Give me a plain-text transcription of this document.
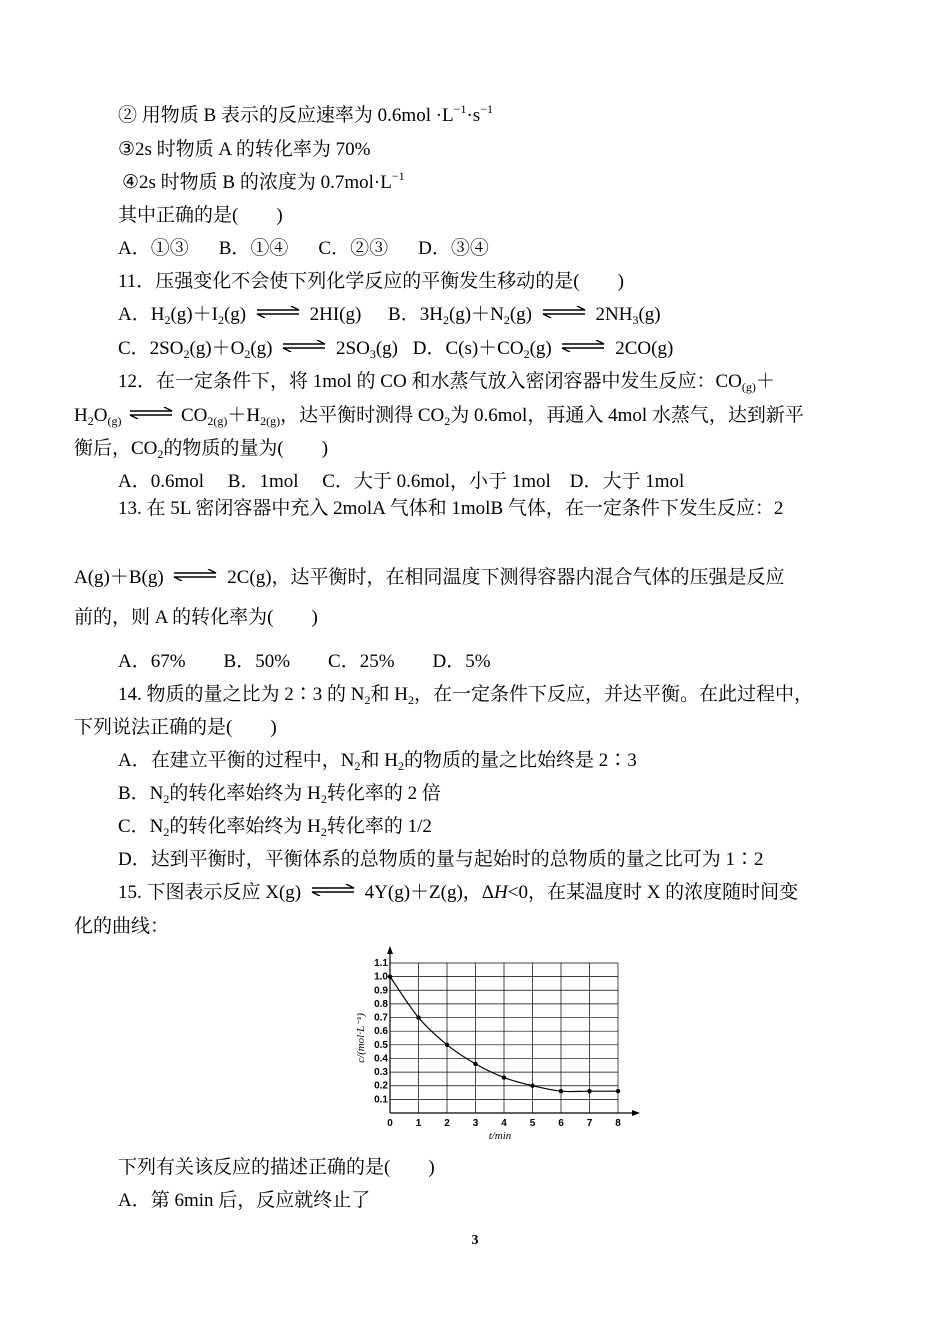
② 用物质 B 表示的反应速率为 $0.6mol \cdot L^{-1}\cdot s^{-1}$
③2s 时物质 A 的转化率为 70%
④2s 时物质 B 的浓度为 $0.7mol\cdot L^{-1}$
其中正确的是(　　)
A．①③ B．①④ C．②③ D．③④
11．压强变化不会使下列化学反应的平衡发生移动的是(　　)
A．$H_2(g)+I_2(g)$ ⇌ 2HI(g) B．$3H_2(g)+N_2(g)$ ⇌ $2NH_3(g)$
C．$2SO_2(g)+O_2(g)$ ⇌ $2SO_3(g)$ D．$C(s)+CO_2(g)$ ⇌ 2CO(g)
12．在一定条件下，将 1mol 的 CO 和水蒸气放入密闭容器中发生反应：$CO_{(g)}+$
$H_2O_{(g)}$ ⇌ $CO_{2(g)}+H_{2(g)}$，达平衡时测得 $CO_2$为 0.6mol，再通入 4mol 水蒸气，达到新平
衡后，$CO_2$的物质的量为(　　)
A．0.6mol　 B．1mol　 C．大于 0.6mol，小于 1mol　D．大于 1mol
13. 在 5L 密闭容器中充入 2molA 气体和 1molB 气体，在一定条件下发生反应：2
A(g)＋B(g) ⇌ 2C(g)，达平衡时，在相同温度下测得容器内混合气体的压强是反应
前的，则 A 的转化率为(　　)
A．67%　　B．50%　　C．25%　　D．5%
14. 物质的量之比为 2∶3 的 $N_2$和 $H_2$，在一定条件下反应，并达平衡。在此过程中，
下列说法正确的是(　　)
A．在建立平衡的过程中，$N_2$和 $H_2$的物质的量之比始终是 2∶3
B．$N_2$的转化率始终为 $H_2$转化率的 2 倍
C．$N_2$的转化率始终为 $H_2$转化率的 1/2
D．达到平衡时，平衡体系的总物质的量与起始时的总物质的量之比可为 1∶2
15. 下图表示反应 X(g) ⇌ 4Y(g)＋Z(g)，ΔH<0，在某温度时 X 的浓度随时间变
化的曲线：
0 1 2 3 4 5 6 7 8
0.1
0.2
0.3
0.4
0.5
0.6
0.7
0.8
0.9
1.0
1.1
c/(mol·L⁻¹)
t/min
下列有关该反应的描述正确的是(　　)
A．第 6min 后，反应就终止了
3
